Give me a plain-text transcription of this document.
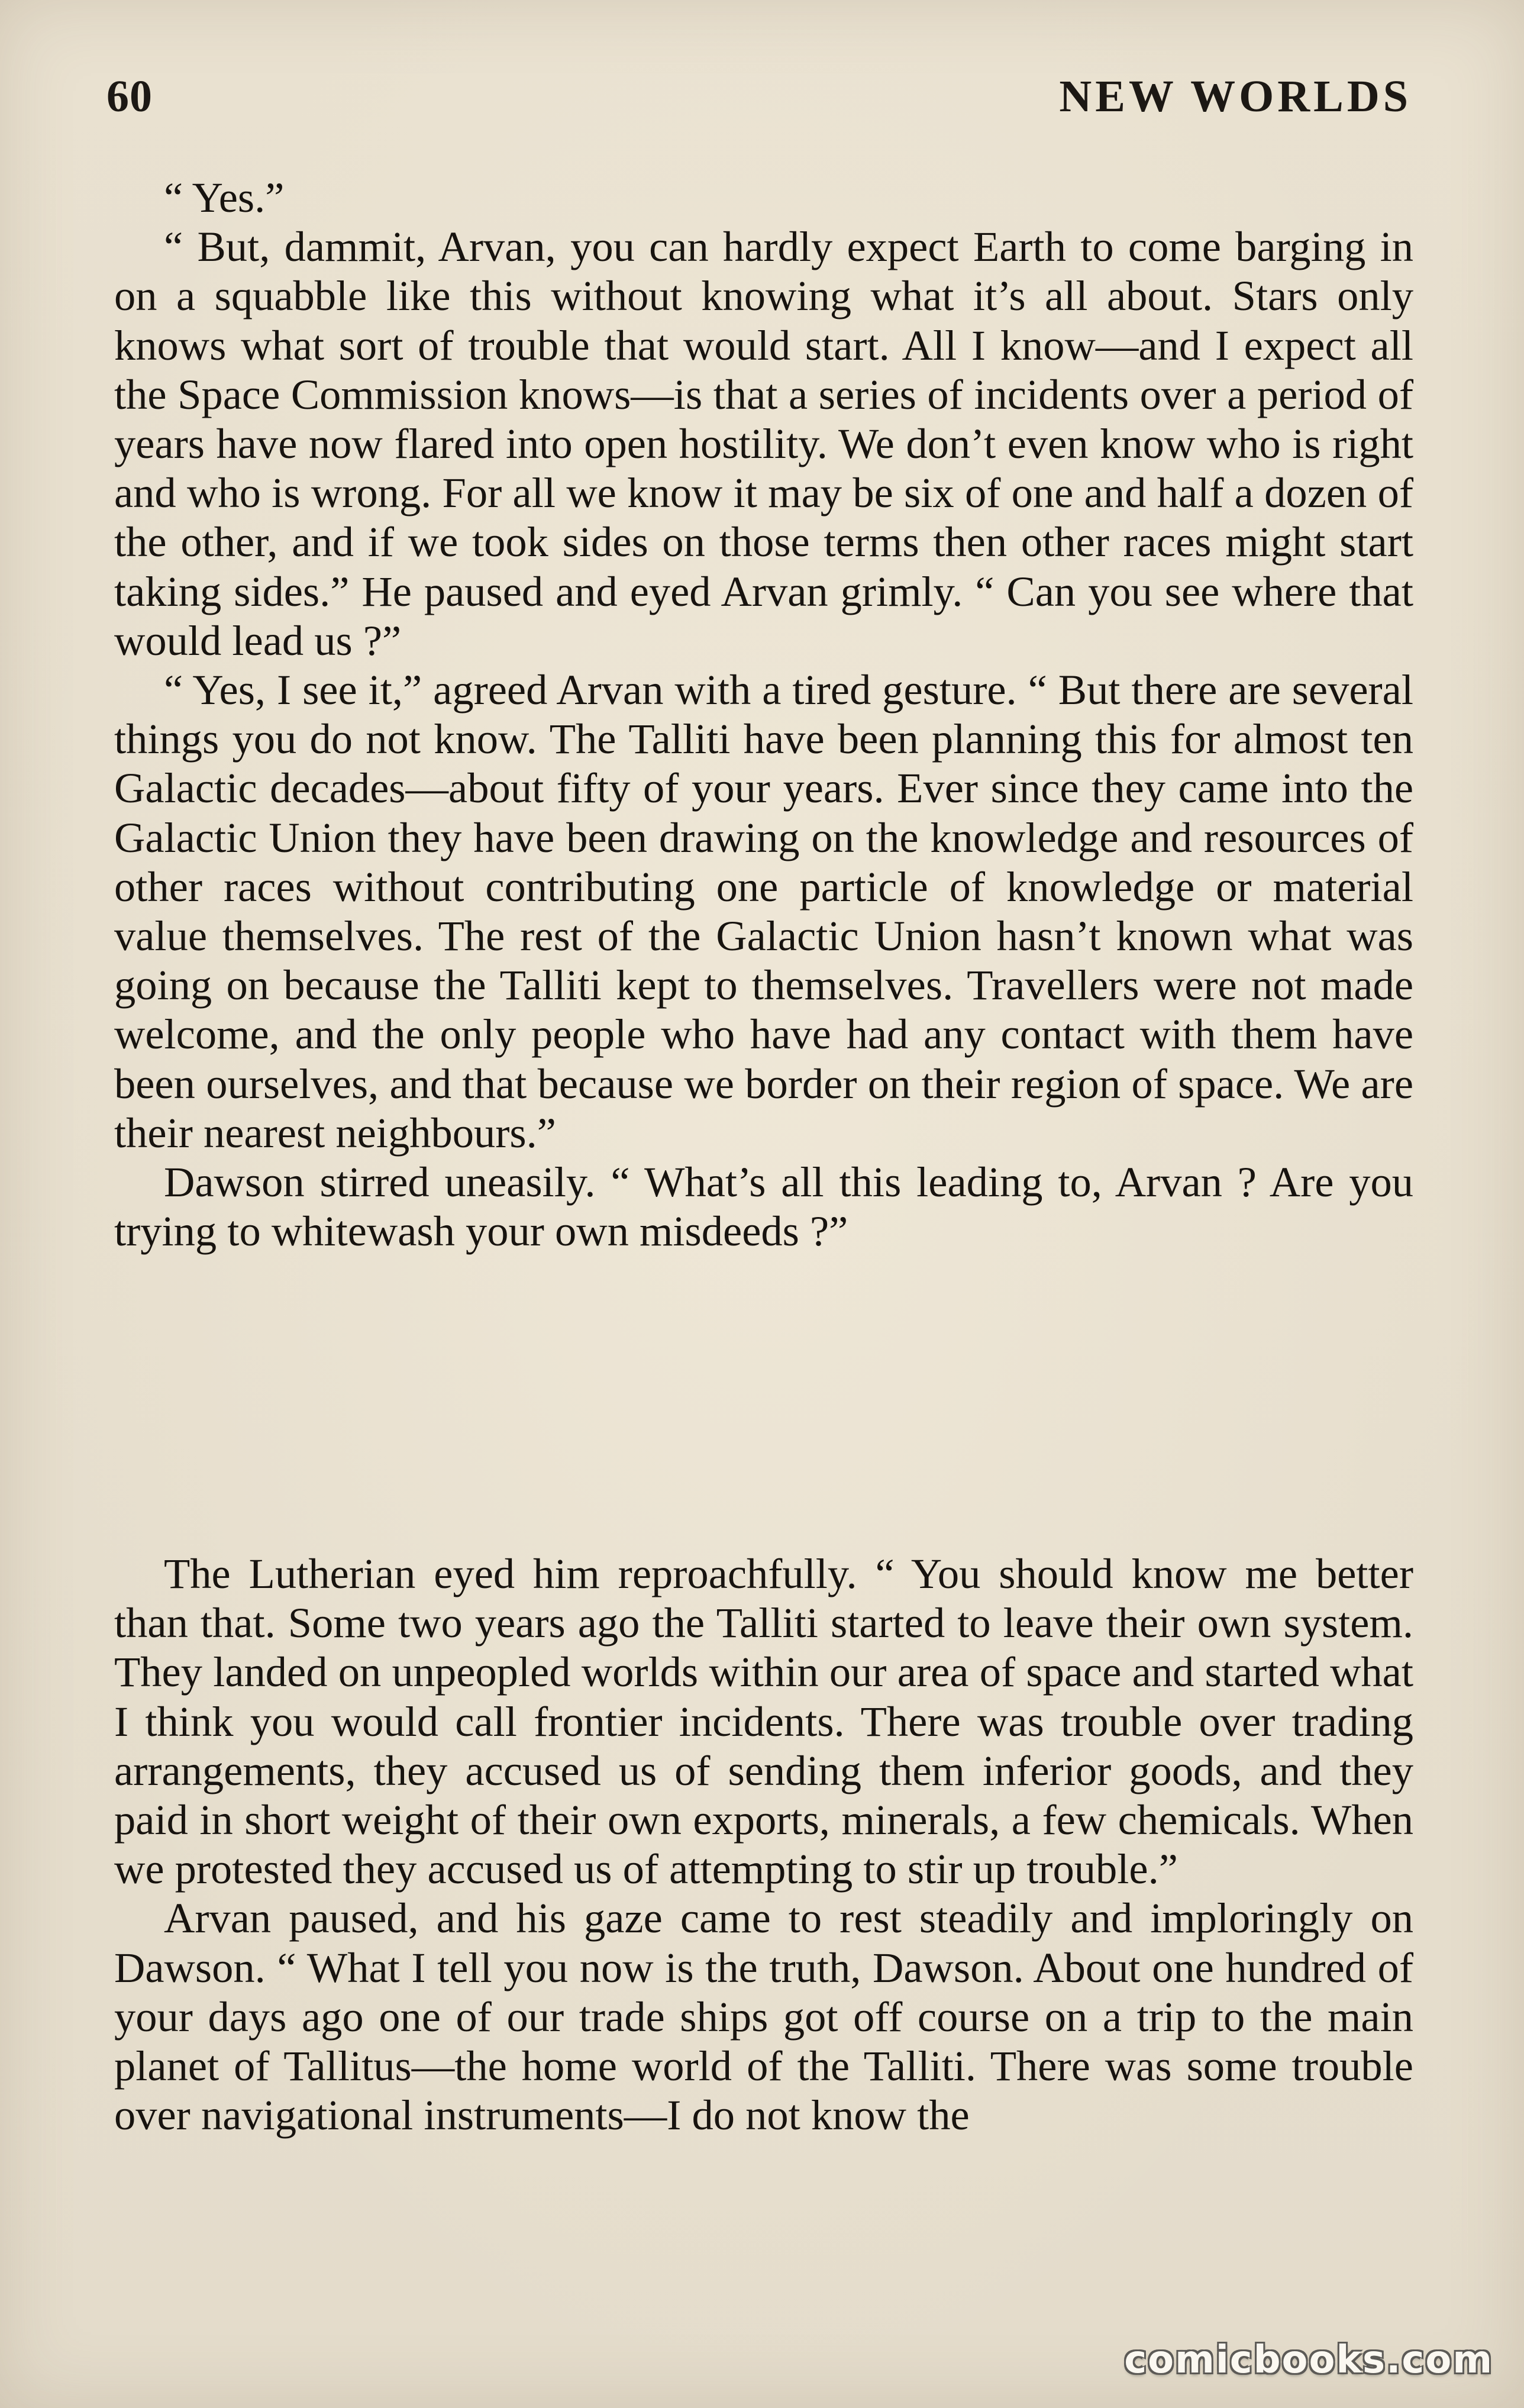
60	NEW WORLDS

“ Yes.”

“ But, dammit, Arvan, you can hardly expect Earth to come barging in on a squabble like this without knowing what it’s all about. Stars only knows what sort of trouble that would start. All I know—and I expect all the Space Commission knows—is that a series of incidents over a period of years have now flared into open hostility. We don’t even know who is right and who is wrong. For all we know it may be six of one and half a dozen of the other, and if we took sides on those terms then other races might start taking sides.” He paused and eyed Arvan grimly. “ Can you see where that would lead us ?”

“ Yes, I see it,” agreed Arvan with a tired gesture. “ But there are several things you do not know. The Talliti have been planning this for almost ten Galactic decades—about fifty of your years. Ever since they came into the Galactic Union they have been drawing on the knowledge and resources of other races without contributing one particle of knowledge or material value themselves. The rest of the Galactic Union hasn’t known what was going on because the Talliti kept to themselves. Travellers were not made welcome, and the only people who have had any contact with them have been ourselves, and that because we border on their region of space. We are their nearest neighbours.”

Dawson stirred uneasily. “ What’s all this leading to, Arvan ? Are you trying to whitewash your own misdeeds ?”

The Lutherian eyed him reproachfully. “ You should know me better than that. Some two years ago the Talliti started to leave their own system. They landed on unpeopled worlds within our area of space and started what I think you would call frontier incidents. There was trouble over trading arrangements, they accused us of sending them inferior goods, and they paid in short weight of their own exports, minerals, a few chemicals. When we protested they accused us of attempting to stir up trouble.”

Arvan paused, and his gaze came to rest steadily and imploringly on Dawson. “ What I tell you now is the truth, Dawson. About one hundred of your days ago one of our trade ships got off course on a trip to the main planet of Tallitus—the home world of the Talliti. There was some trouble over navigational instruments—I do not know the

comicbooks.com
